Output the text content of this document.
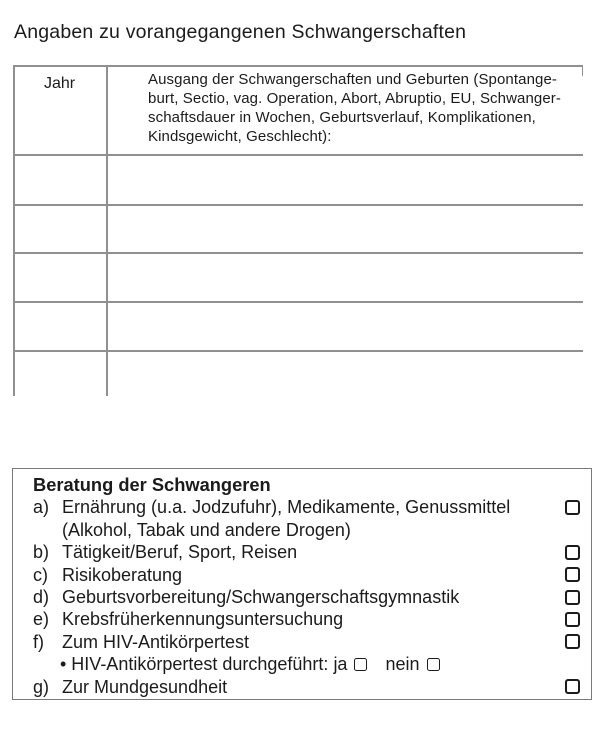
Angaben zu vorangegangenen Schwangerschaften
Jahr	Ausgang der Schwangerschaften und Geburten (Spontange-
burt, Sectio, vag. Operation, Abort, Abruptio, EU, Schwanger-
schaftsdauer in Wochen, Geburtsverlauf, Komplikationen,
Kindsgewicht, Geschlecht):
Beratung der Schwangeren
a) Ernährung (u.a. Jodzufuhr), Medikamente, Genussmittel
(Alkohol, Tabak und andere Drogen)
b) Tätigkeit/Beruf, Sport, Reisen
c) Risikoberatung
d) Geburtsvorbereitung/Schwangerschaftsgymnastik
e) Krebsfrüherkennungsuntersuchung
f)	Zum HIV-Antikörpertest
• HIV-Antikörpertest durchgeführt: ja nein
g) Zur Mundgesundheit
